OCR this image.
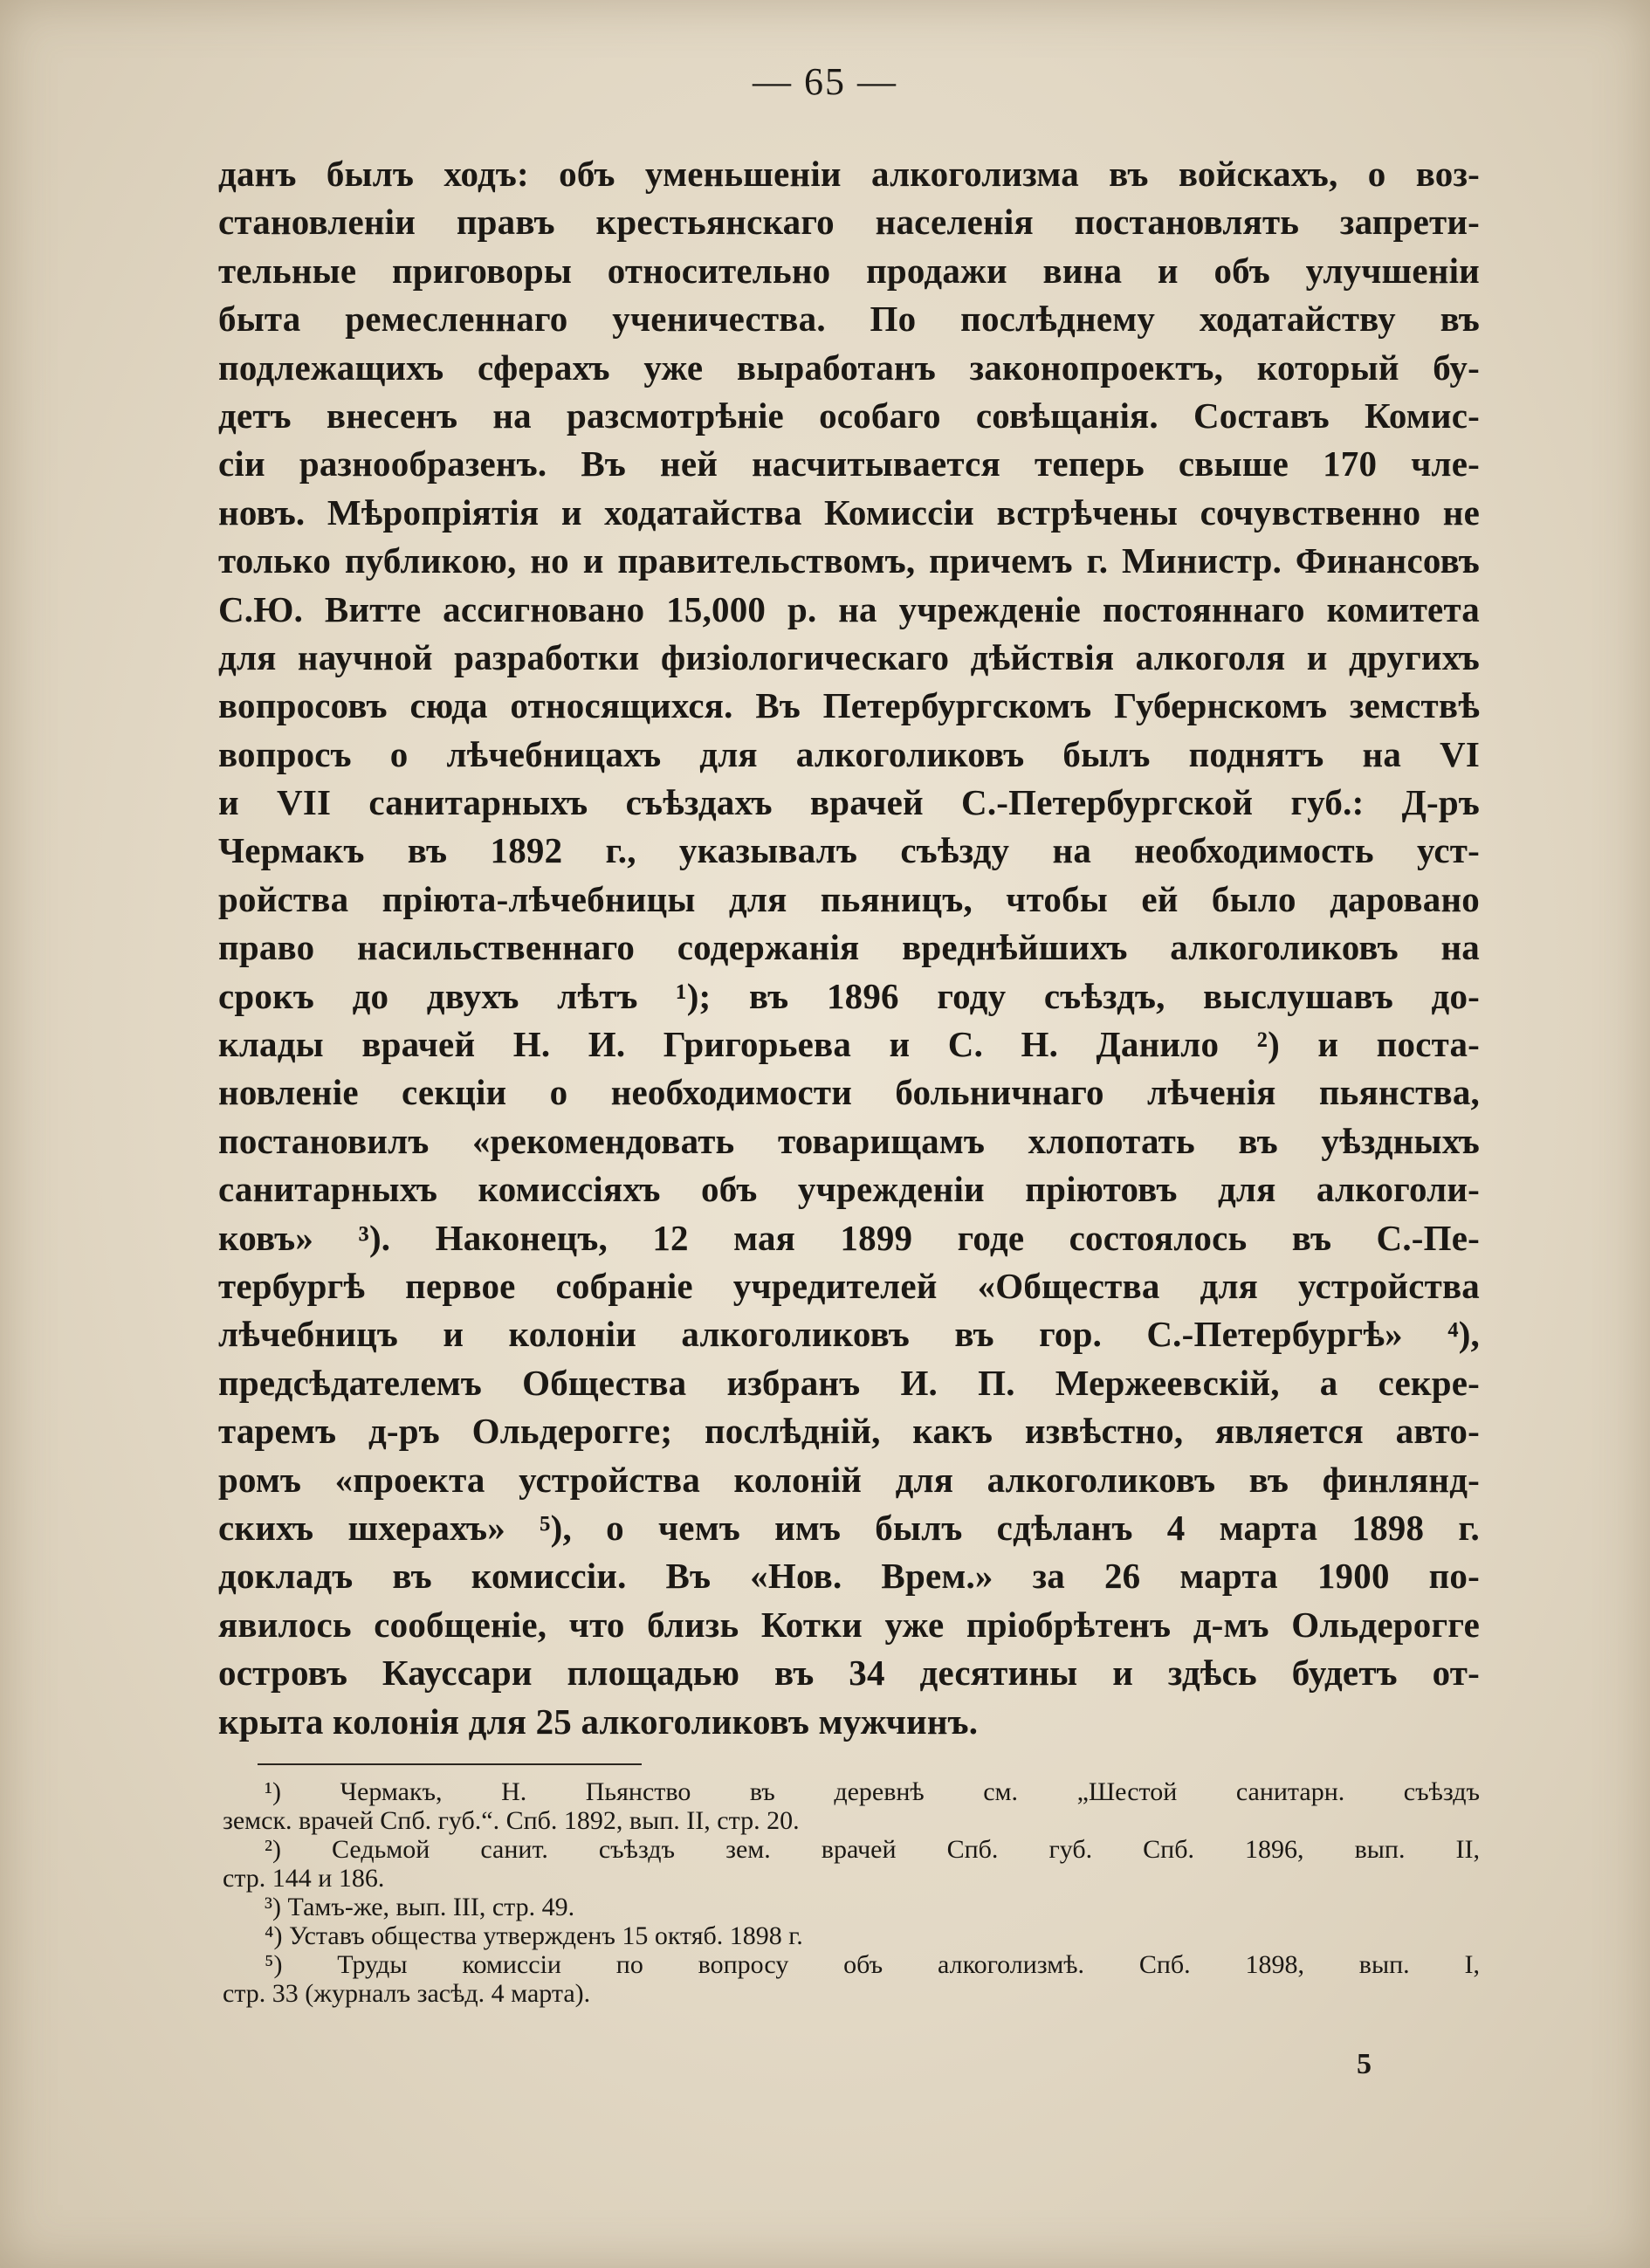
— 65 —
данъ былъ ходъ: объ уменьшеніи алкоголизма въ войскахъ, о воз-
становленіи правъ крестьянскаго населенія постановлять запрети-
тельные приговоры относительно продажи вина и объ улучшеніи
быта ремесленнаго ученичества. По послѣднему ходатайству въ
подлежащихъ сферахъ уже выработанъ законопроектъ, который бу-
детъ внесенъ на разсмотрѣніе особаго совѣщанія. Составъ Комис-
сіи разнообразенъ. Въ ней насчитывается теперь свыше 170 чле-
новъ. Мѣропріятія и ходатайства Комиссіи встрѣчены сочувственно не
только публикою, но и правительствомъ, причемъ г. Министр. Финансовъ
С.Ю. Витте ассигновано 15,000 р. на учрежденіе постояннаго комитета
для научной разработки физіологическаго дѣйствія алкоголя и другихъ
вопросовъ сюда относящихся. Въ Петербургскомъ Губернскомъ земствѣ
вопросъ о лѣчебницахъ для алкоголиковъ былъ поднятъ на VI
и VII санитарныхъ съѣздахъ врачей С.-Петербургской губ.: Д-ръ
Чермакъ въ 1892 г., указывалъ съѣзду на необходимость уст-
ройства пріюта-лѣчебницы для пьяницъ, чтобы ей было даровано
право насильственнаго содержанія вреднѣйшихъ алкоголиковъ на
срокъ до двухъ лѣтъ ¹); въ 1896 году съѣздъ, выслушавъ до-
клады врачей Н. И. Григорьева и С. Н. Данило ²) и поста-
новленіе секціи о необходимости больничнаго лѣченія пьянства,
постановилъ «рекомендовать товарищамъ хлопотать въ уѣздныхъ
санитарныхъ комиссіяхъ объ учрежденіи пріютовъ для алкоголи-
ковъ» ³). Наконецъ, 12 мая 1899 годе состоялось въ С.-Пе-
тербургѣ первое собраніе учредителей «Общества для устройства
лѣчебницъ и колоніи алкоголиковъ въ гор. С.-Петербургѣ» ⁴),
предсѣдателемъ Общества избранъ И. П. Мержеевскій, а секре-
таремъ д-ръ Ольдерогге; послѣдній, какъ извѣстно, является авто-
ромъ «проекта устройства колоній для алкоголиковъ въ финлянд-
скихъ шхерахъ» ⁵), о чемъ имъ былъ сдѣланъ 4 марта 1898 г.
докладъ въ комиссіи. Въ «Нов. Врем.» за 26 марта 1900 по-
явилось сообщеніе, что близь Котки уже пріобрѣтенъ д-мъ Ольдерогге
островъ Каусcари площадью въ 34 десятины и здѣсь будетъ от-
крыта колонія для 25 алкоголиковъ мужчинъ.
¹) Чермакъ, Н. Пьянство въ деревнѣ см. „Шестой санитарн. съѣздъ
земск. врачей Спб. губ.“. Спб. 1892, вып. II, стр. 20.
²) Седьмой санит. съѣздъ зем. врачей Спб. губ. Спб. 1896, вып. II,
стр. 144 и 186.
³) Тамъ-же, вып. III, стр. 49.
⁴) Уставъ общества утвержденъ 15 октяб. 1898 г.
⁵) Труды комиссіи по вопросу объ алкоголизмѣ. Спб. 1898, вып. I,
стр. 33 (журналъ засѣд. 4 марта).
5
